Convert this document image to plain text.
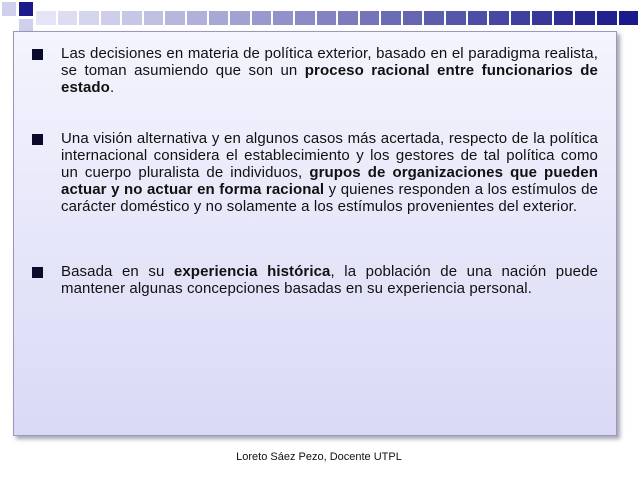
Las decisiones en materia de política exterior, basado en el paradigma realista, se toman asumiendo que son un proceso racional entre funcionarios de estado.
Una visión alternativa y en algunos casos más acertada, respecto de la política internacional considera el establecimiento y los gestores de tal política como un cuerpo pluralista de individuos, grupos de organizaciones que pueden actuar y no actuar en forma racional y quienes responden a los estímulos de carácter doméstico y no solamente a los estímulos provenientes del exterior.
Basada en su experiencia histórica, la población de una nación puede mantener algunas concepciones basadas en su experiencia personal.
Loreto Sáez Pezo, Docente UTPL
